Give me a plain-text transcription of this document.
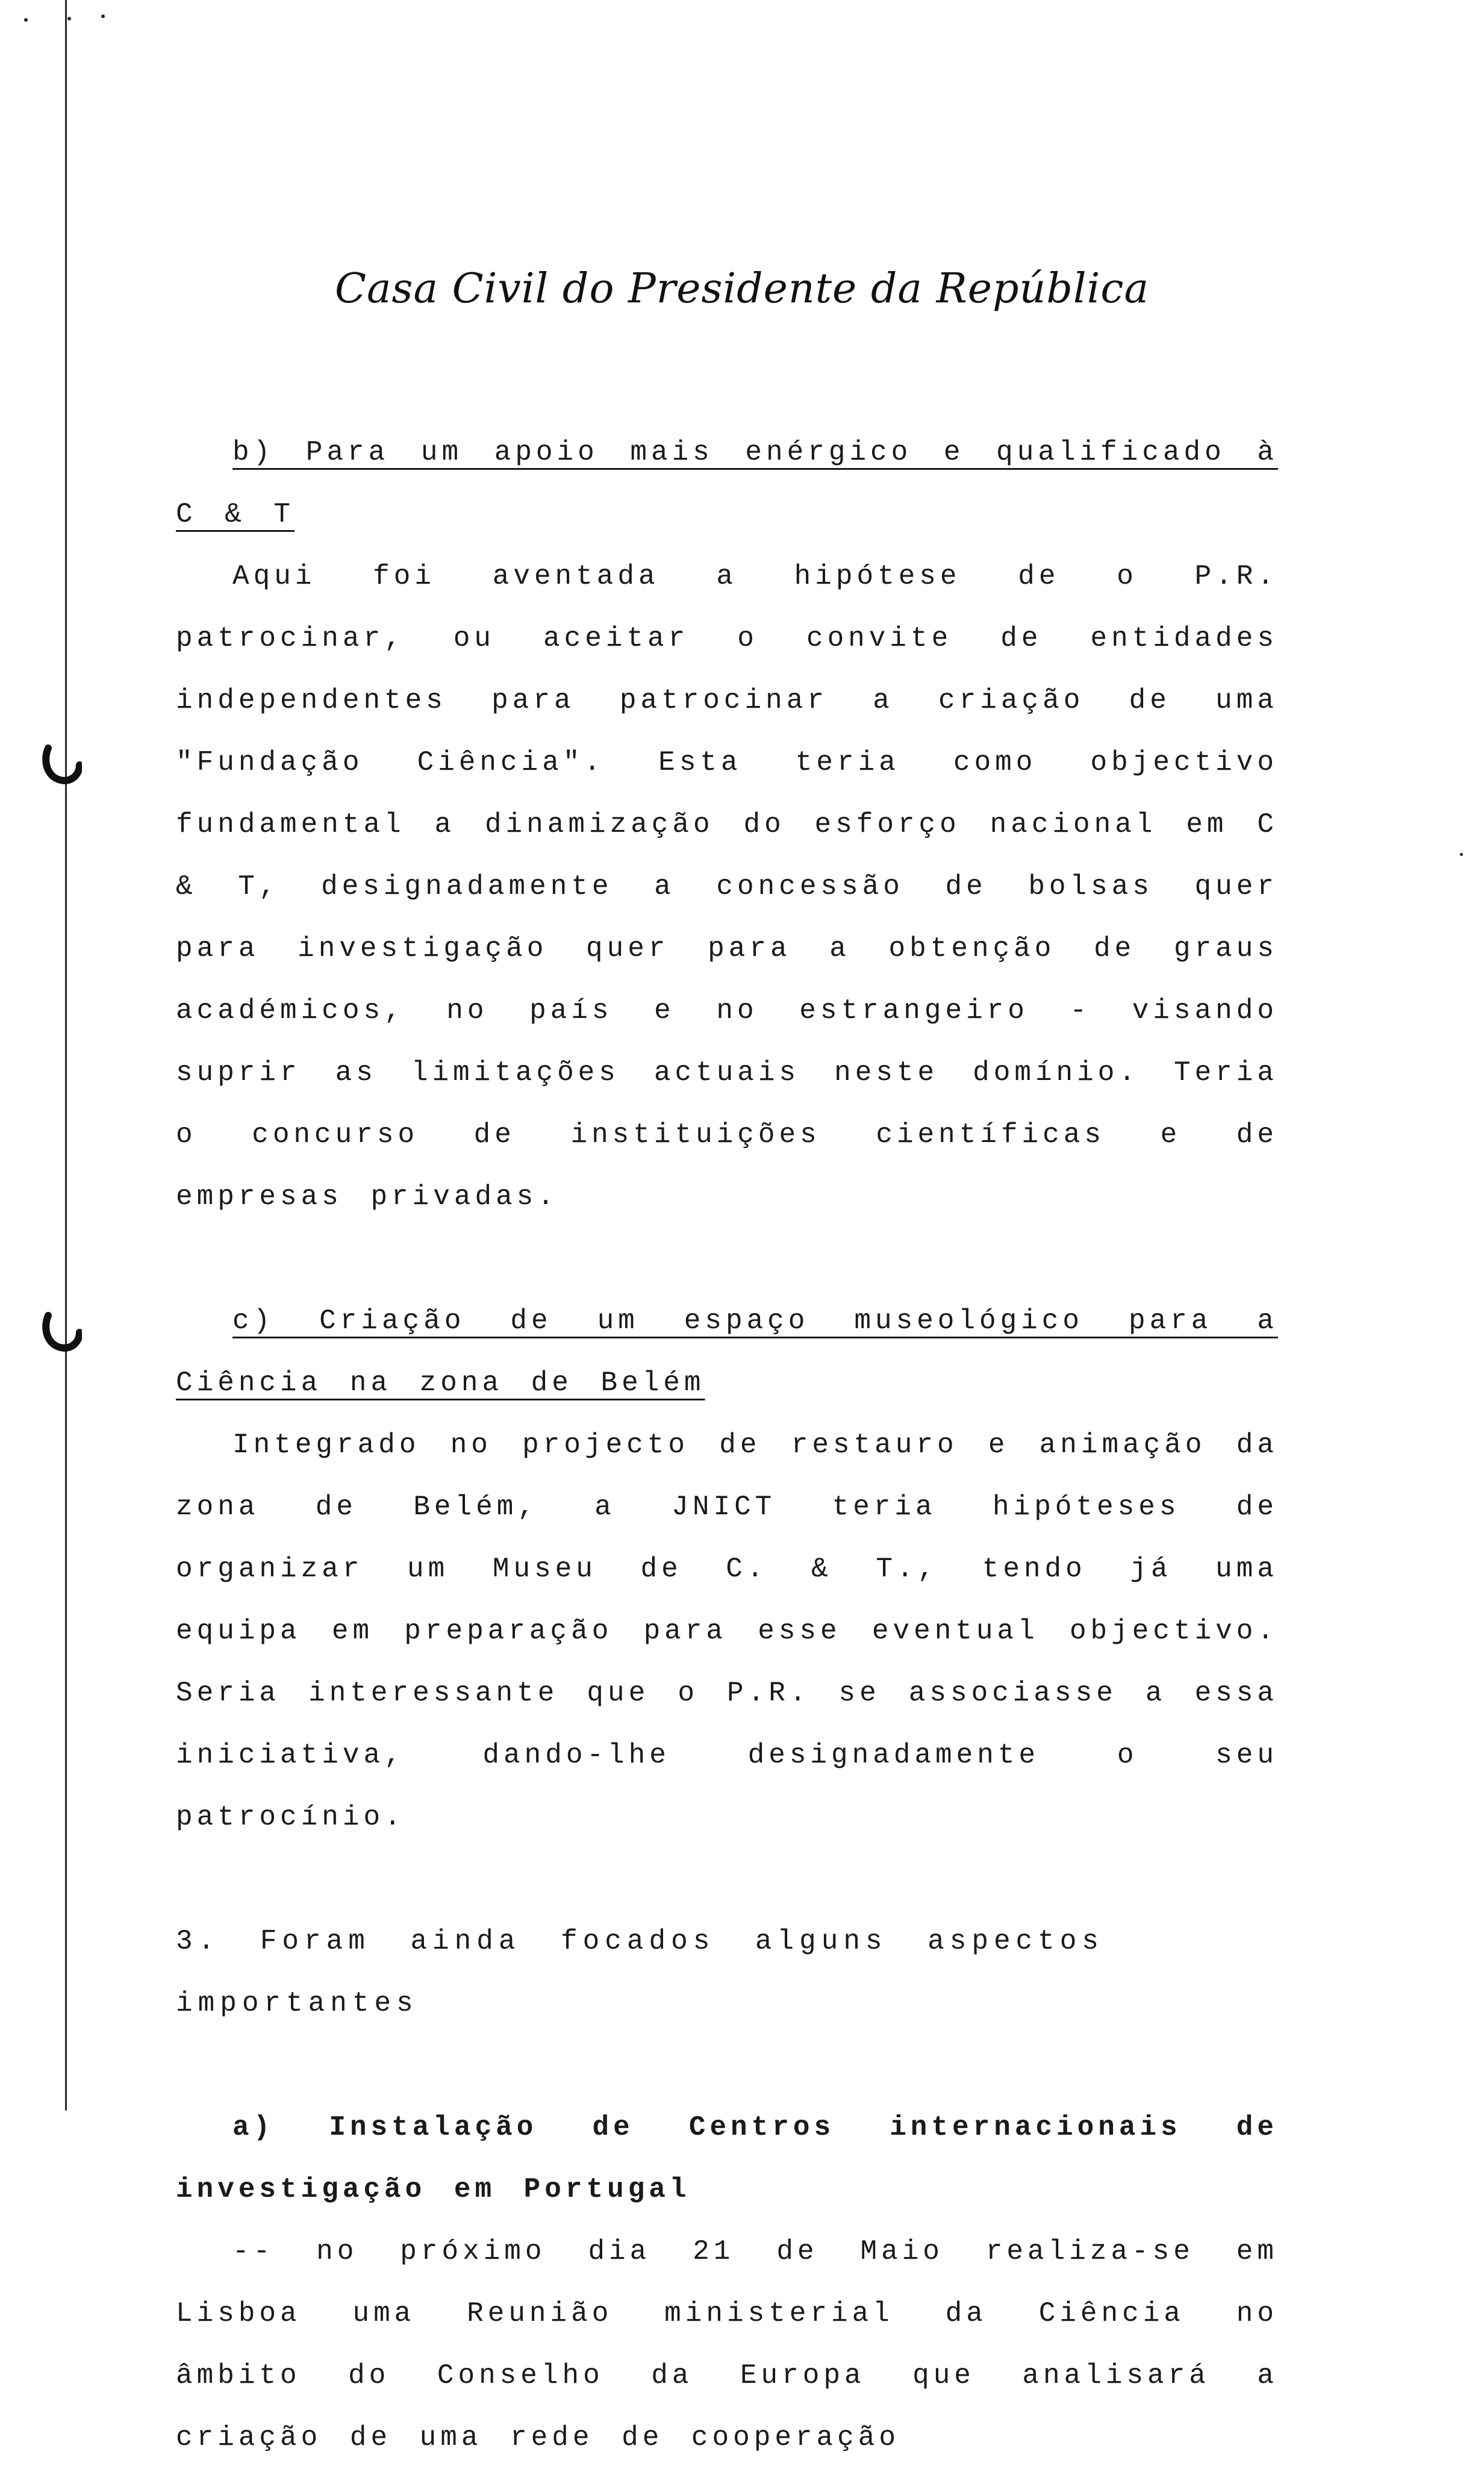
Casa Civil do Presidente da República

b) Para um apoio mais enérgico e qualificado à C & T

Aqui foi aventada a hipótese de o P.R. patrocinar, ou aceitar o convite de entidades independentes para patrocinar a criação de uma "Fundação Ciência". Esta teria como objectivo fundamental a dinamização do esforço nacional em C & T, designadamente a concessão de bolsas quer para investigação quer para a obtenção de graus académicos, no país e no estrangeiro - visando suprir as limitações actuais neste domínio. Teria o concurso de instituições científicas e de empresas privadas.

c) Criação de um espaço museológico para a Ciência na zona de Belém

Integrado no projecto de restauro e animação da zona de Belém, a JNICT teria hipóteses de organizar um Museu de C. & T., tendo já uma equipa em preparação para esse eventual objectivo. Seria interessante que o P.R. se associasse a essa iniciativa, dando-lhe designadamente o seu patrocínio.

3. Foram ainda focados alguns aspectos importantes

a) Instalação de Centros internacionais de investigação em Portugal

-- no próximo dia 21 de Maio realiza-se em Lisboa uma Reunião ministerial da Ciência no âmbito do Conselho da Europa que analisará a criação de uma rede de cooperação
